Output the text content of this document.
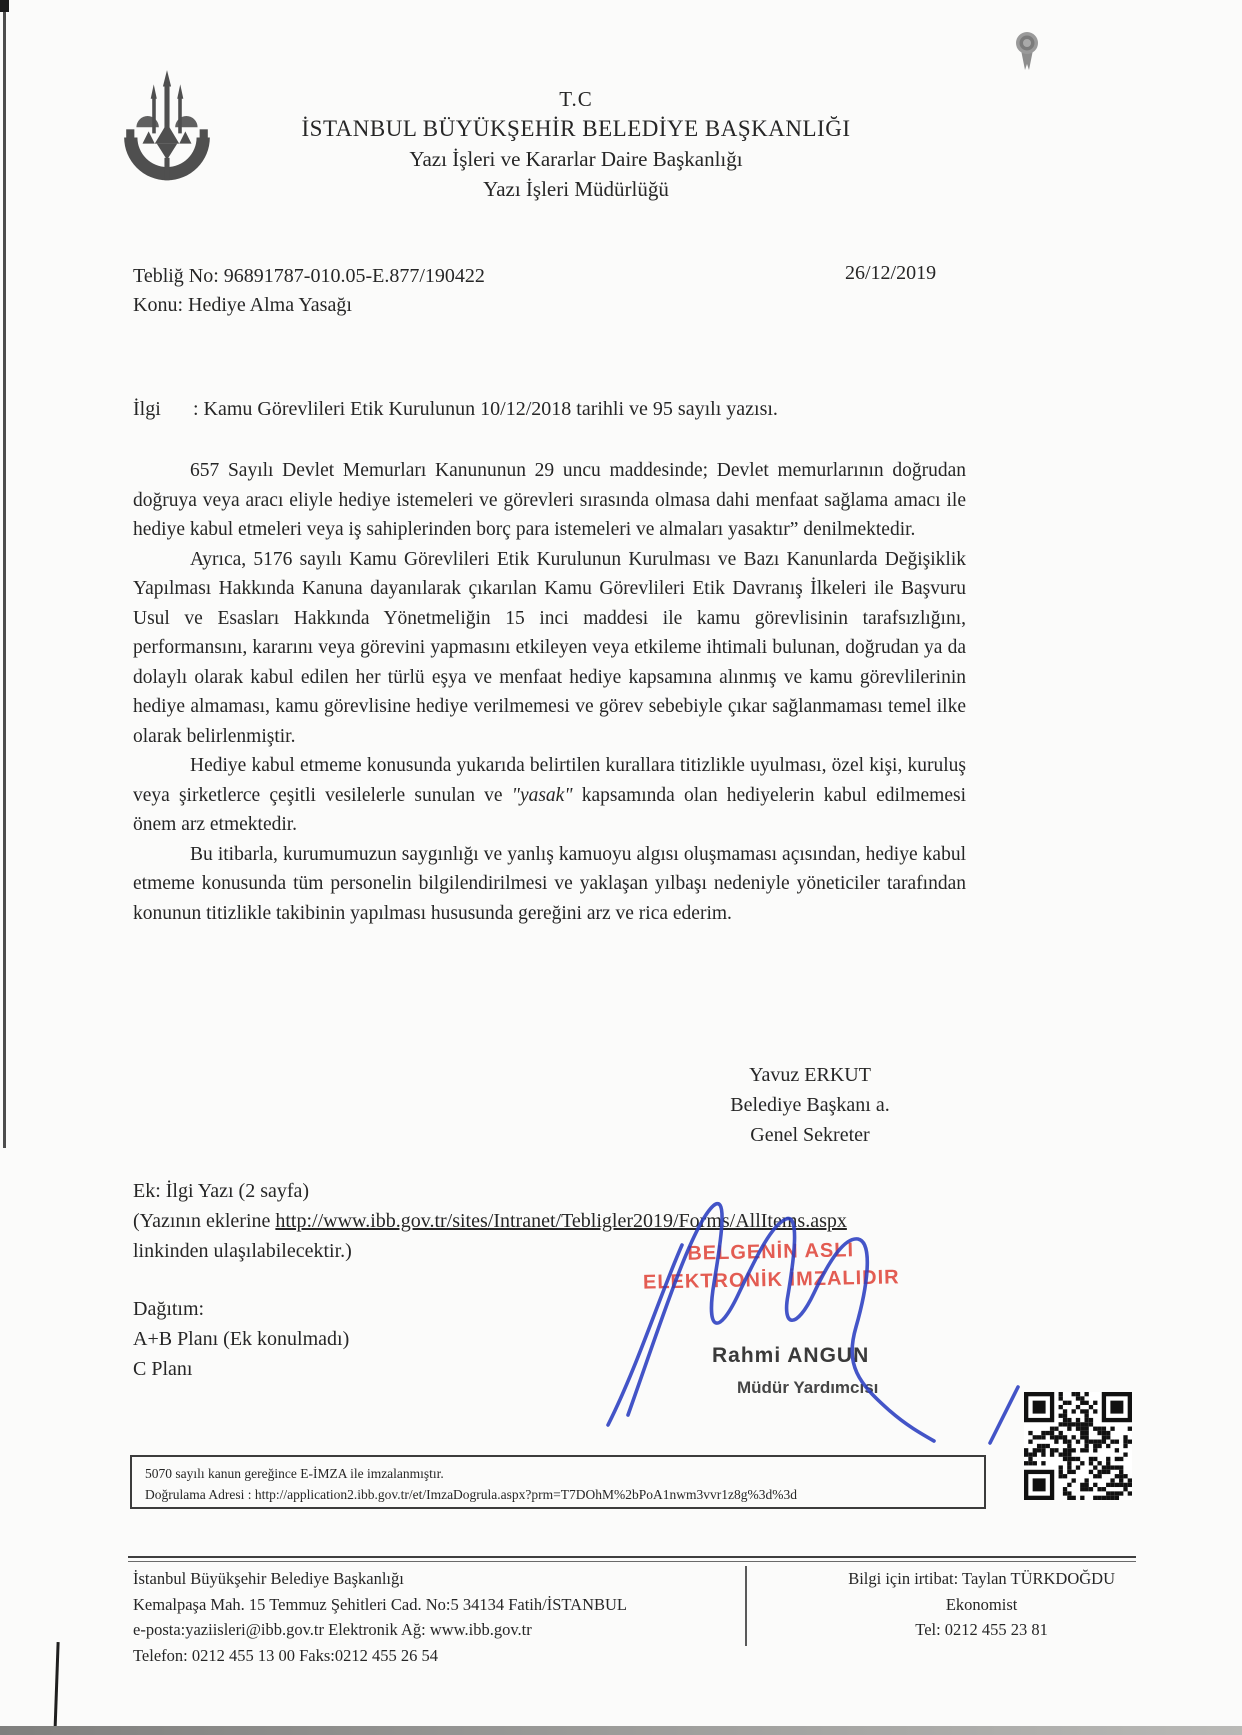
T.C
İSTANBUL BÜYÜKŞEHİR BELEDİYE BAŞKANLIĞI
Yazı İşleri ve Kararlar Daire Başkanlığı
Yazı İşleri Müdürlüğü
Tebliğ No: 96891787-010.05-E.877/190422
Konu: Hediye Alma Yasağı
26/12/2019
İlgi : Kamu Görevlileri Etik Kurulunun 10/12/2018 tarihli ve 95 sayılı yazısı.

657 Sayılı Devlet Memurları Kanununun 29 uncu maddesinde; Devlet memurlarının doğrudan doğruya veya aracı eliyle hediye istemeleri ve görevleri sırasında olmasa dahi menfaat sağlama amacı ile hediye kabul etmeleri veya iş sahiplerinden borç para istemeleri ve almaları yasaktır” denilmektedir.

Ayrıca, 5176 sayılı Kamu Görevlileri Etik Kurulunun Kurulması ve Bazı Kanunlarda Değişiklik Yapılması Hakkında Kanuna dayanılarak çıkarılan Kamu Görevlileri Etik Davranış İlkeleri ile Başvuru Usul ve Esasları Hakkında Yönetmeliğin 15 inci maddesi ile kamu görevlisinin tarafsızlığını, performansını, kararını veya görevini yapmasını etkileyen veya etkileme ihtimali bulunan, doğrudan ya da dolaylı olarak kabul edilen her türlü eşya ve menfaat hediye kapsamına alınmış ve kamu görevlilerinin hediye almaması, kamu görevlisine hediye verilmemesi ve görev sebebiyle çıkar sağlanmaması temel ilke olarak belirlenmiştir.

Hediye kabul etmeme konusunda yukarıda belirtilen kurallara titizlikle uyulması, özel kişi, kuruluş veya şirketlerce çeşitli vesilelerle sunulan ve "yasak" kapsamında olan hediyelerin kabul edilmemesi önem arz etmektedir.

Bu itibarla, kurumumuzun saygınlığı ve yanlış kamuoyu algısı oluşmaması açısından, hediye kabul etmeme konusunda tüm personelin bilgilendirilmesi ve yaklaşan yılbaşı nedeniyle yöneticiler tarafından konunun titizlikle takibinin yapılması hususunda gereğini arz ve rica ederim.

Yavuz ERKUT
Belediye Başkanı a.
Genel Sekreter
Ek: İlgi Yazı (2 sayfa)
(Yazının eklerine http://www.ibb.gov.tr/sites/Intranet/Tebligler2019/Forms/AllItems.aspx
linkinden ulaşılabilecektir.)	BELGENİN ASLI
ELEKTRONİK İMZALIDIR
Dağıtım:
A+B Planı (Ek konulmadı)
C Planı
Rahmi ANGUN
Müdür Yardımcısı
5070 sayılı kanun gereğince E-İMZA ile imzalanmıştır.
Doğrulama Adresi : http://application2.ibb.gov.tr/et/ImzaDogrula.aspx?prm=T7DOhM%2bPoA1nwm3vvr1z8g%3d%3d
İstanbul Büyükşehir Belediye Başkanlığı
Kemalpaşa Mah. 15 Temmuz Şehitleri Cad. No:5 34134 Fatih/İSTANBUL
e-posta:yaziisleri@ibb.gov.tr Elektronik Ağ: www.ibb.gov.tr
Telefon: 0212 455 13 00 Faks:0212 455 26 54
Bilgi için irtibat: Taylan TÜRKDOĞDU
Ekonomist
Tel: 0212 455 23 81
